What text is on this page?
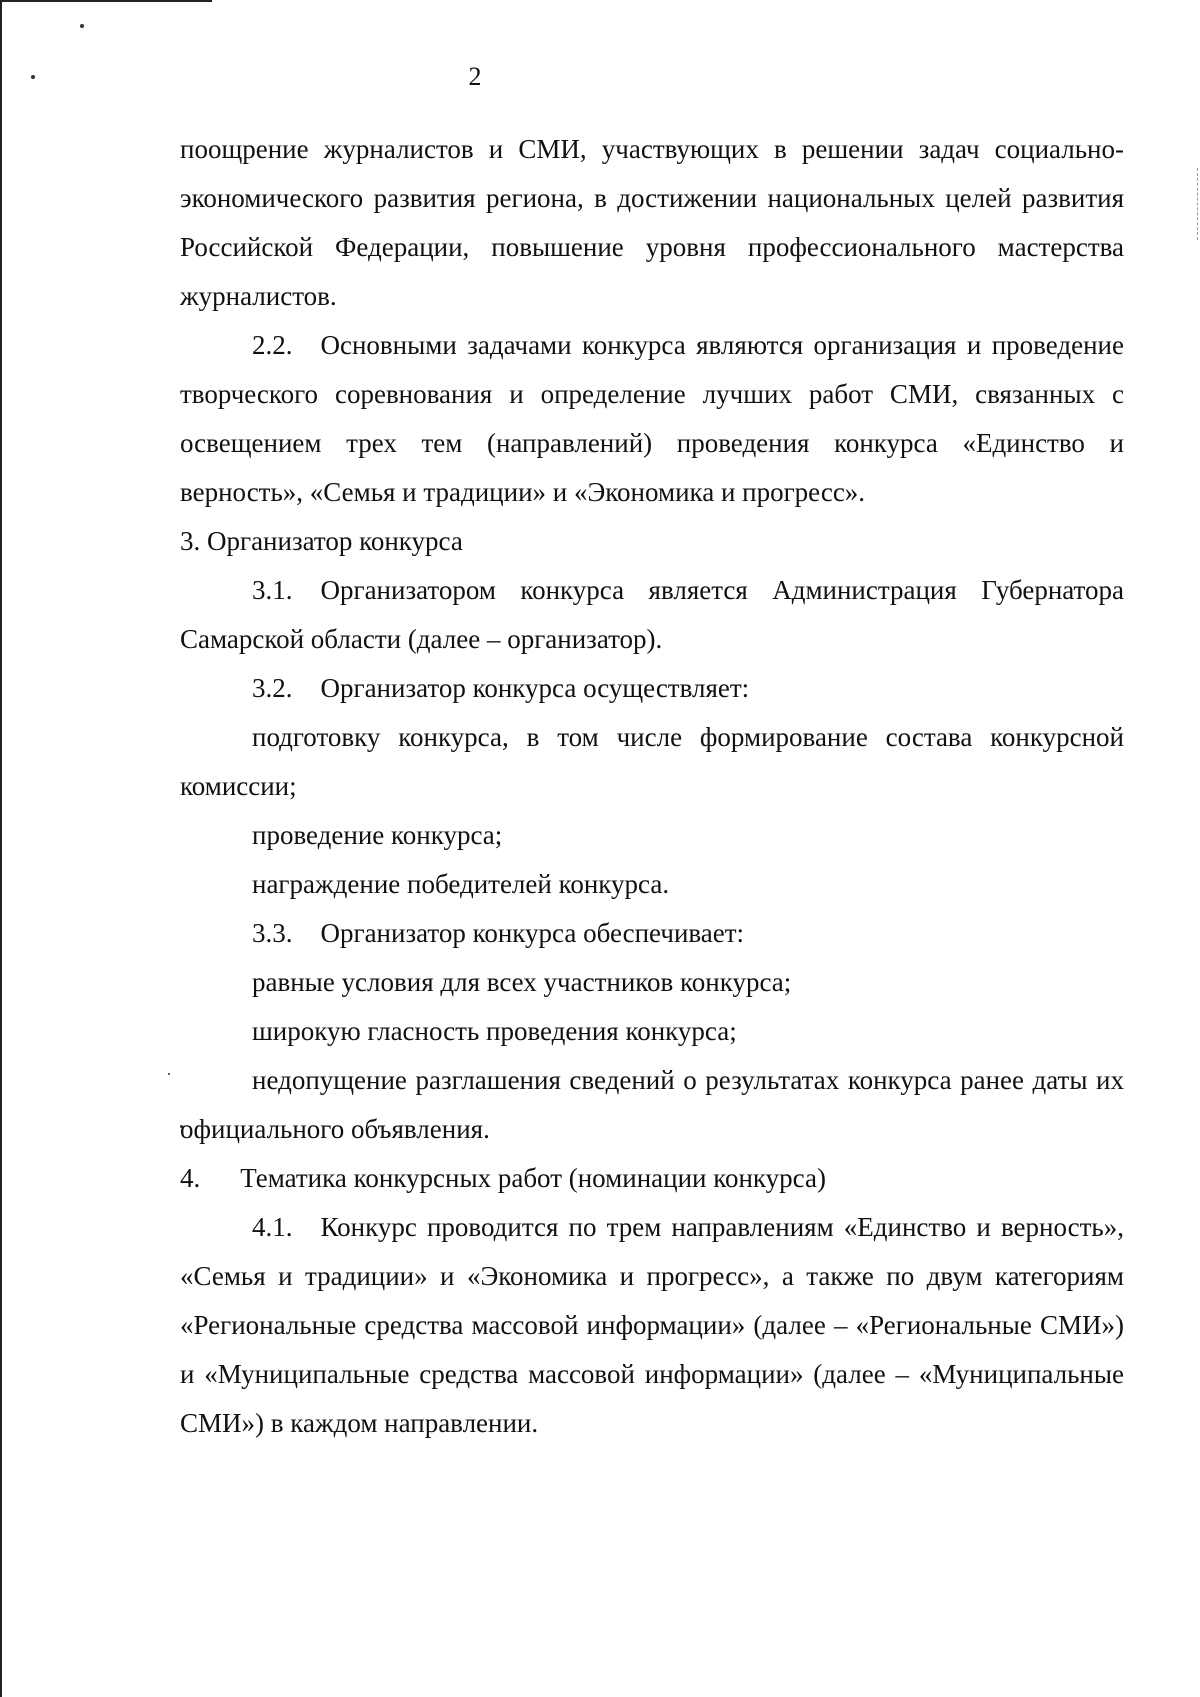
2

поощрение журналистов и СМИ, участвующих в решении задач социально-экономического развития региона, в достижении национальных целей развития Российской Федерации, повышение уровня профессионального мастерства журналистов.

2.2. Основными задачами конкурса являются организация и проведение творческого соревнования и определение лучших работ СМИ, связанных с освещением трех тем (направлений) проведения конкурса «Единство и верность», «Семья и традиции» и «Экономика и прогресс».

3. Организатор конкурса

3.1. Организатором конкурса является Администрация Губернатора Самарской области (далее – организатор).

3.2. Организатор конкурса осуществляет:

подготовку конкурса, в том числе формирование состава конкурсной комиссии;

проведение конкурса;

награждение победителей конкурса.

3.3. Организатор конкурса обеспечивает:

равные условия для всех участников конкурса;

широкую гласность проведения конкурса;

недопущение разглашения сведений о результатах конкурса ранее даты их официального объявления.

4. Тематика конкурсных работ (номинации конкурса)

4.1. Конкурс проводится по трем направлениям «Единство и верность», «Семья и традиции» и «Экономика и прогресс», а также по двум категориям «Региональные средства массовой информации» (далее – «Региональные СМИ») и «Муниципальные средства массовой информации» (далее – «Муниципальные СМИ») в каждом направлении.
